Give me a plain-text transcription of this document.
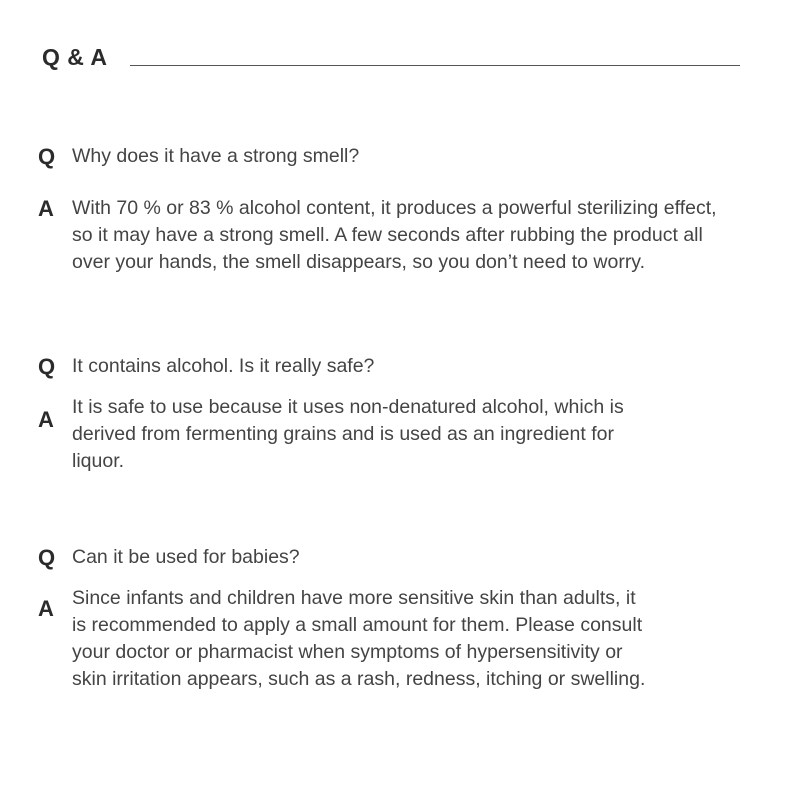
Q & A
Q Why does it have a strong smell?
A With 70 % or 83 % alcohol content, it produces a powerful sterilizing effect, so it may have a strong smell. A few seconds after rubbing the product all over your hands, the smell disappears, so you don’t need to worry.
Q It contains alcohol. Is it really safe?
A It is safe to use because it uses non-denatured alcohol, which is derived from fermenting grains and is used as an ingredient for liquor.
Q Can it be used for babies?
A Since infants and children have more sensitive skin than adults, it is recommended to apply a small amount for them. Please consult your doctor or pharmacist when symptoms of hypersensitivity or skin irritation appears, such as a rash, redness, itching or swelling.
